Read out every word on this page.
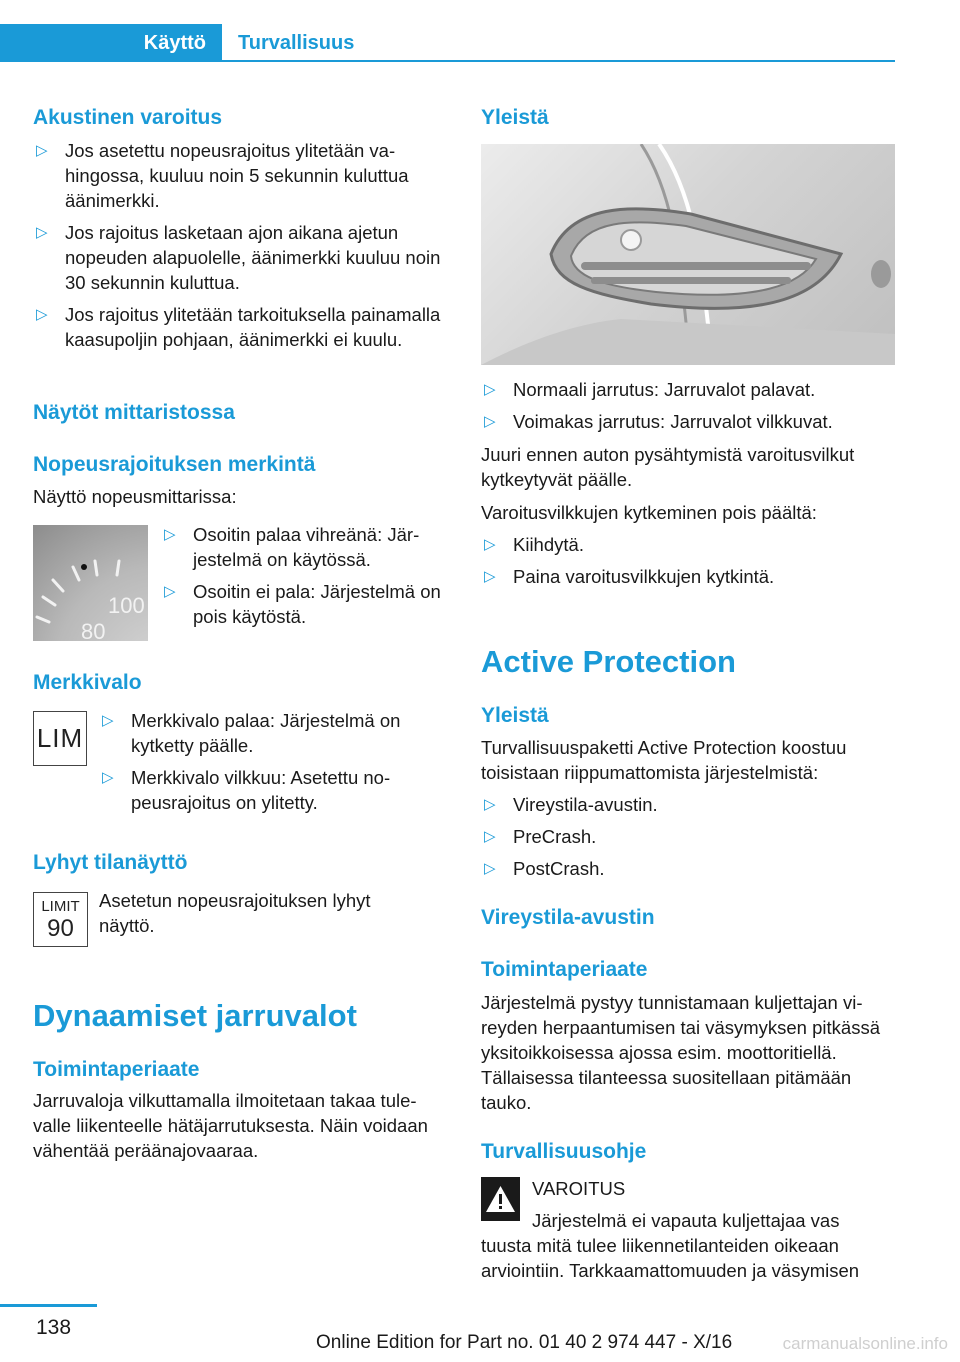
Käyttö	Turvallisuus
Akustinen varoitus
▷ Jos asetettu nopeusrajoitus ylitetään vahingossa, kuuluu noin 5 sekunnin kuluttua äänimerkki.
▷ Jos rajoitus lasketaan ajon aikana ajetun nopeuden alapuolelle, äänimerkki kuuluu noin 30 sekunnin kuluttua.
▷ Jos rajoitus ylitetään tarkoituksella painamalla kaasupoljin pohjaan, äänimerkki ei kuulu.
Näytöt mittaristossa
Nopeusrajoituksen merkintä
Näyttö nopeusmittarissa:
100
80
▷ Osoitin palaa vihreänä: Järjestelmä on käytössä.
▷ Osoitin ei pala: Järjestelmä on pois käytöstä.
Merkkivalo
LIM
▷ Merkkivalo palaa: Järjestelmä on kytketty päälle.
▷ Merkkivalo vilkkuu: Asetettu nopeusrajoitus on ylitetty.
Lyhyt tilanäyttö
LIMIT
90
Asetetun nopeusrajoituksen lyhyt näyttö.
Dynaamiset jarruvalot
Toimintaperiaate
Jarruvaloja vilkuttamalla ilmoitetaan takaa tulevalle liikenteelle hätäjarrutuksesta. Näin voidaan vähentää peräänajovaaraa.
Yleistä
▷ Normaali jarrutus: Jarruvalot palavat.
▷ Voimakas jarrutus: Jarruvalot vilkkuvat.
Juuri ennen auton pysähtymistä varoitusvilkut kytkeytyvät päälle.
Varoitusvilkkujen kytkeminen pois päältä:
▷ Kiihdytä.
▷ Paina varoitusvilkkujen kytkintä.
Active Protection
Yleistä
Turvallisuuspaketti Active Protection koostuu toisistaan riippumattomista järjestelmistä:
▷ Vireystila-avustin.
▷ PreCrash.
▷ PostCrash.
Vireystila-avustin
Toimintaperiaate
Järjestelmä pystyy tunnistamaan kuljettajan vireyden herpaantumisen tai väsymyksen pitkässä yksitoikkoisessa ajossa esim. moottoritiellä. Tällaisessa tilanteessa suositellaan pitämään tauko.
Turvallisuusohje
VAROITUS
Järjestelmä ei vapauta kuljettajaa vas
tuusta mitä tulee liikennetilanteiden oikeaan arviointiin. Tarkkaamattomuuden ja väsymisen
138
Online Edition for Part no. 01 40 2 974 447 - X/16	carmanualsonline.info
